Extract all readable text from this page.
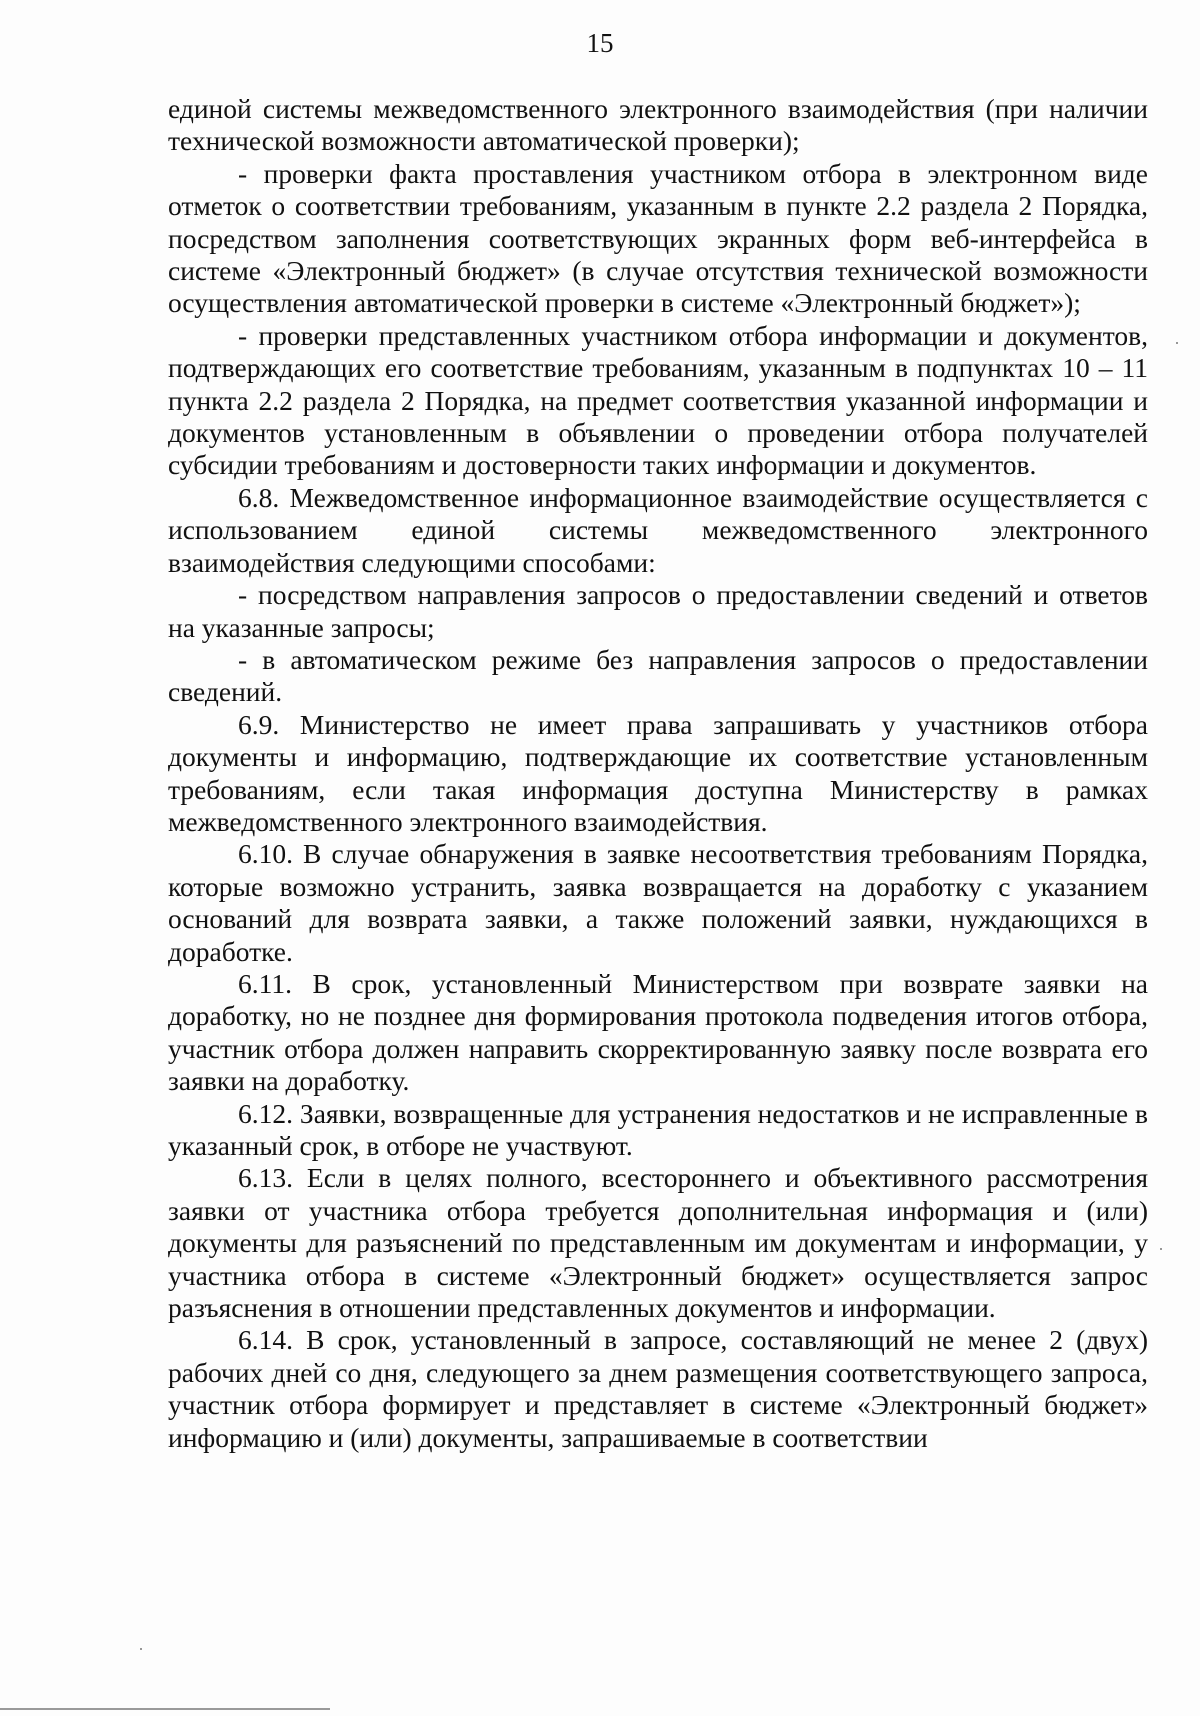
15

единой системы межведомственного электронного взаимодействия (при наличии технической возможности автоматической проверки);

- проверки факта проставления участником отбора в электронном виде отметок о соответствии требованиям, указанным в пункте 2.2 раздела 2 Порядка, посредством заполнения соответствующих экранных форм веб-интерфейса в системе «Электронный бюджет» (в случае отсутствия технической возможности осуществления автоматической проверки в системе «Электронный бюджет»);

- проверки представленных участником отбора информации и документов, подтверждающих его соответствие требованиям, указанным в подпунктах 10 – 11 пункта 2.2 раздела 2 Порядка, на предмет соответствия указанной информации и документов установленным в объявлении о проведении отбора получателей субсидии требованиям и достоверности таких информации и документов.

6.8. Межведомственное информационное взаимодействие осуществляется с использованием единой системы межведомственного электронного взаимодействия следующими способами:

- посредством направления запросов о предоставлении сведений и ответов на указанные запросы;

- в автоматическом режиме без направления запросов о предоставлении сведений.

6.9. Министерство не имеет права запрашивать у участников отбора документы и информацию, подтверждающие их соответствие установленным требованиям, если такая информация доступна Министерству в рамках межведомственного электронного взаимодействия.

6.10. В случае обнаружения в заявке несоответствия требованиям Порядка, которые возможно устранить, заявка возвращается на доработку с указанием оснований для возврата заявки, а также положений заявки, нуждающихся в доработке.

6.11. В срок, установленный Министерством при возврате заявки на доработку, но не позднее дня формирования протокола подведения итогов отбора, участник отбора должен направить скорректированную заявку после возврата его заявки на доработку.

6.12. Заявки, возвращенные для устранения недостатков и не исправленные в указанный срок, в отборе не участвуют.

6.13. Если в целях полного, всестороннего и объективного рассмотрения заявки от участника отбора требуется дополнительная информация и (или) документы для разъяснений по представленным им документам и информации, у участника отбора в системе «Электронный бюджет» осуществляется запрос разъяснения в отношении представленных документов и информации.

6.14. В срок, установленный в запросе, составляющий не менее 2 (двух) рабочих дней со дня, следующего за днем размещения соответствующего запроса, участник отбора формирует и представляет в системе «Электронный бюджет» информацию и (или) документы, запрашиваемые в соответствии
